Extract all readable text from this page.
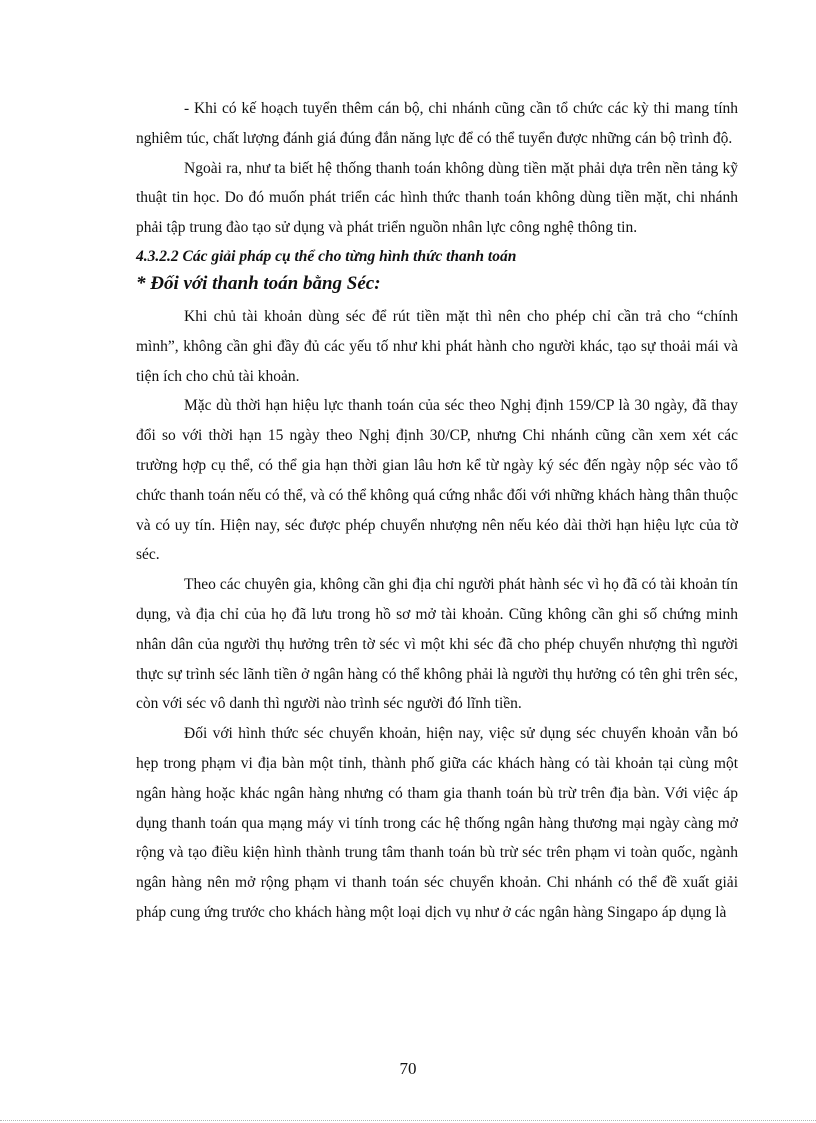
- Khi có kế hoạch tuyển thêm cán bộ, chi nhánh cũng cần tổ chức các kỳ thi mang tính nghiêm túc, chất lượng đánh giá đúng đắn năng lực để có thể tuyển được những cán bộ trình độ.

Ngoài ra, như ta biết hệ thống thanh toán không dùng tiền mặt phải dựa trên nền tảng kỹ thuật tin học. Do đó muốn phát triển các hình thức thanh toán không dùng tiền mặt, chi nhánh phải tập trung đào tạo sử dụng và phát triển nguồn nhân lực công nghệ thông tin.

4.3.2.2 Các giải pháp cụ thể cho từng hình thức thanh toán
* Đối với thanh toán bằng Séc:

Khi chủ tài khoản dùng séc để rút tiền mặt thì nên cho phép chỉ cần trả cho “chính mình”, không cần ghi đầy đủ các yếu tố như khi phát hành cho người khác, tạo sự thoải mái và tiện ích cho chủ tài khoản.

Mặc dù thời hạn hiệu lực thanh toán của séc theo Nghị định 159/CP là 30 ngày, đã thay đổi so với thời hạn 15 ngày theo Nghị định 30/CP, nhưng Chi nhánh cũng cần xem xét các trường hợp cụ thể, có thể gia hạn thời gian lâu hơn kể từ ngày ký séc đến ngày nộp séc vào tổ chức thanh toán nếu có thể, và có thể không quá cứng nhắc đối với những khách hàng thân thuộc và có uy tín. Hiện nay, séc được phép chuyển nhượng nên nếu kéo dài thời hạn hiệu lực của tờ séc.

Theo các chuyên gia, không cần ghi địa chỉ người phát hành séc vì họ đã có tài khoản tín dụng, và địa chỉ của họ đã lưu trong hồ sơ mở tài khoản. Cũng không cần ghi số chứng minh nhân dân của người thụ hưởng trên tờ séc vì một khi séc đã cho phép chuyển nhượng thì người thực sự trình séc lãnh tiền ở ngân hàng có thể không phải là người thụ hưởng có tên ghi trên séc, còn với séc vô danh thì người nào trình séc người đó lĩnh tiền.

Đối với hình thức séc chuyển khoản, hiện nay, việc sử dụng séc chuyển khoản vẫn bó hẹp trong phạm vi địa bàn một tỉnh, thành phố giữa các khách hàng có tài khoản tại cùng một ngân hàng hoặc khác ngân hàng nhưng có tham gia thanh toán bù trừ trên địa bàn. Với việc áp dụng thanh toán qua mạng máy vi tính trong các hệ thống ngân hàng thương mại ngày càng mở rộng và tạo điều kiện hình thành trung tâm thanh toán bù trừ séc trên phạm vi toàn quốc, ngành ngân hàng nên mở rộng phạm vi thanh toán séc chuyển khoản. Chi nhánh có thể đề xuất giải pháp cung ứng trước cho khách hàng một loại dịch vụ như ở các ngân hàng Singapo áp dụng là

70
